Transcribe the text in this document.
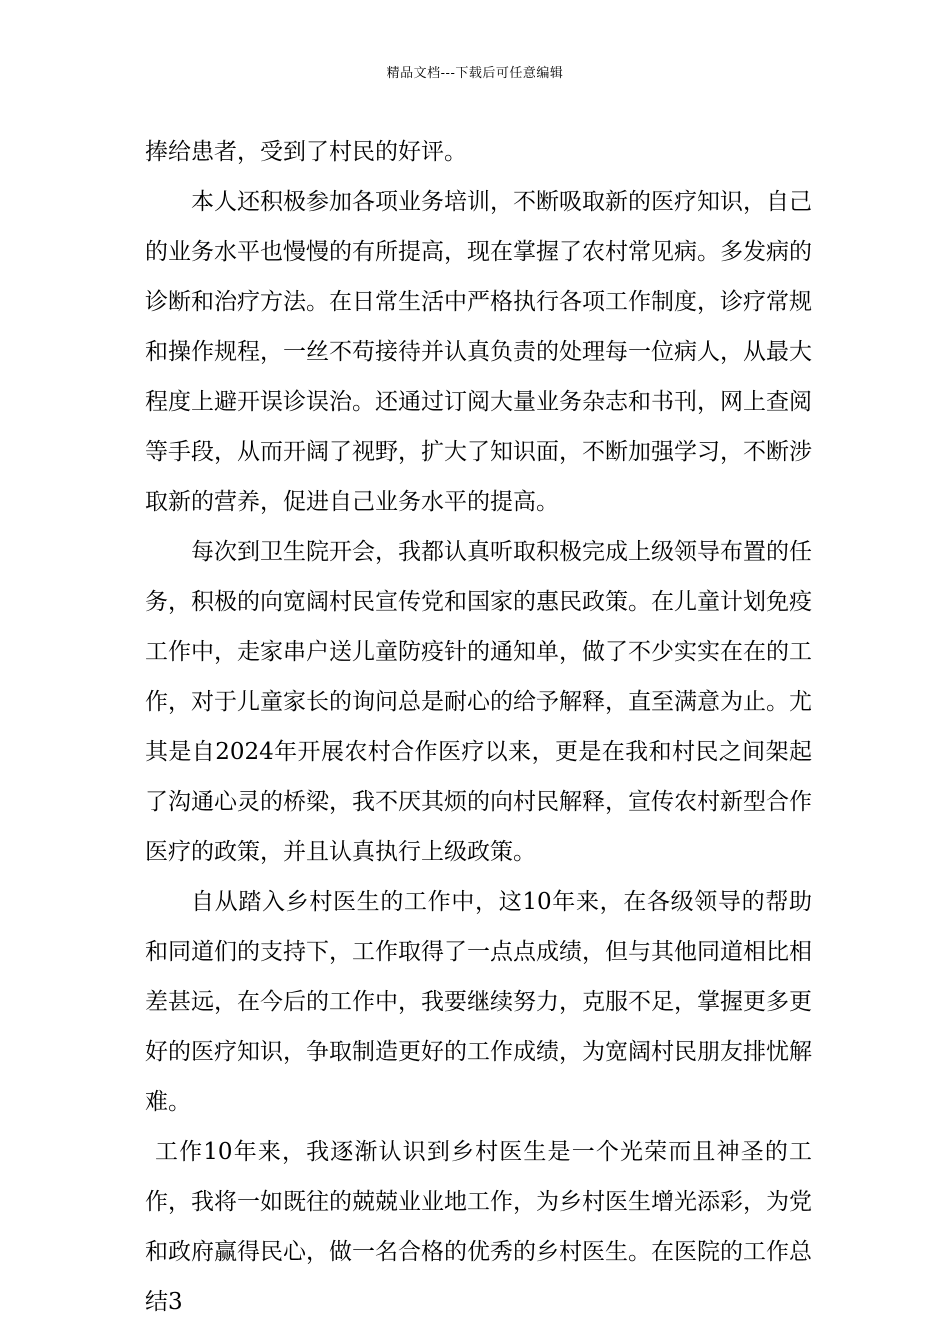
精品文档---下载后可任意编辑

捧给患者，受到了村民的好评。

本人还积极参加各项业务培训，不断吸取新的医疗知识，自己的业务水平也慢慢的有所提高，现在掌握了农村常见病。多发病的诊断和治疗方法。在日常生活中严格执行各项工作制度，诊疗常规和操作规程，一丝不苟接待并认真负责的处理每一位病人，从最大程度上避开误诊误治。还通过订阅大量业务杂志和书刊，网上查阅等手段，从而开阔了视野，扩大了知识面，不断加强学习，不断涉取新的营养，促进自己业务水平的提高。

每次到卫生院开会，我都认真听取积极完成上级领导布置的任务，积极的向宽阔村民宣传党和国家的惠民政策。在儿童计划免疫工作中，走家串户送儿童防疫针的通知单，做了不少实实在在的工作，对于儿童家长的询问总是耐心的给予解释，直至满意为止。尤其是自2024年开展农村合作医疗以来，更是在我和村民之间架起了沟通心灵的桥梁，我不厌其烦的向村民解释，宣传农村新型合作医疗的政策，并且认真执行上级政策。

自从踏入乡村医生的工作中，这10年来，在各级领导的帮助和同道们的支持下，工作取得了一点点成绩，但与其他同道相比相差甚远，在今后的工作中，我要继续努力，克服不足，掌握更多更好的医疗知识，争取制造更好的工作成绩，为宽阔村民朋友排忧解难。

工作10年来，我逐渐认识到乡村医生是一个光荣而且神圣的工作，我将一如既往的兢兢业业地工作，为乡村医生增光添彩，为党和政府赢得民心，做一名合格的优秀的乡村医生。在医院的工作总结3
